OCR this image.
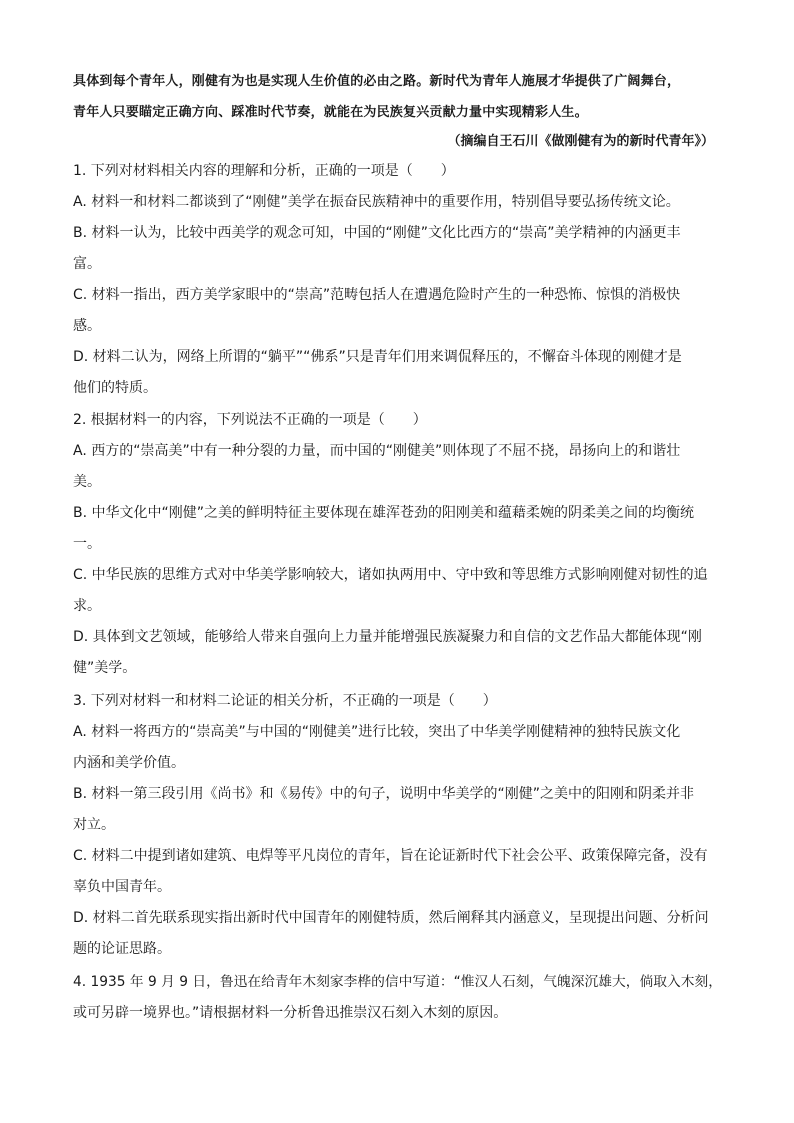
具体到每个青年人，刚健有为也是实现人生价值的必由之路。新时代为青年人施展才华提供了广阔舞台，
青年人只要瞄定正确方向、踩准时代节奏，就能在为民族复兴贡献力量中实现精彩人生。
（摘编自王石川《做刚健有为的新时代青年》）
1. 下列对材料相关内容的理解和分析，正确的一项是（　　）
A. 材料一和材料二都谈到了“刚健”美学在振奋民族精神中的重要作用，特别倡导要弘扬传统文论。
B. 材料一认为，比较中西美学的观念可知，中国的“刚健”文化比西方的“崇高”美学精神的内涵更丰
富。
C. 材料一指出，西方美学家眼中的“崇高”范畴包括人在遭遇危险时产生的一种恐怖、惊惧的消极快
感。
D. 材料二认为，网络上所谓的“躺平”“佛系”只是青年们用来调侃释压的，不懈奋斗体现的刚健才是
他们的特质。
2. 根据材料一的内容，下列说法不正确的一项是（　　）
A. 西方的“崇高美”中有一种分裂的力量，而中国的“刚健美”则体现了不屈不挠，昂扬向上的和谐壮
美。
B. 中华文化中“刚健”之美的鲜明特征主要体现在雄浑苍劲的阳刚美和蕴藉柔婉的阴柔美之间的均衡统
一。
C. 中华民族的思维方式对中华美学影响较大，诸如执两用中、守中致和等思维方式影响刚健对韧性的追
求。
D. 具体到文艺领域，能够给人带来自强向上力量并能增强民族凝聚力和自信的文艺作品大都能体现“刚
健”美学。
3. 下列对材料一和材料二论证的相关分析，不正确的一项是（　　）
A. 材料一将西方的“崇高美”与中国的“刚健美”进行比较，突出了中华美学刚健精神的独特民族文化
内涵和美学价值。
B. 材料一第三段引用《尚书》和《易传》中的句子，说明中华美学的“刚健”之美中的阳刚和阴柔并非
对立。
C. 材料二中提到诸如建筑、电焊等平凡岗位的青年，旨在论证新时代下社会公平、政策保障完备，没有
辜负中国青年。
D. 材料二首先联系现实指出新时代中国青年的刚健特质，然后阐释其内涵意义，呈现提出问题、分析问
题的论证思路。
4. 1935 年 9 月 9 日，鲁迅在给青年木刻家李桦的信中写道：“惟汉人石刻，气魄深沉雄大，倘取入木刻，
或可另辟一境界也。”请根据材料一分析鲁迅推崇汉石刻入木刻的原因。
